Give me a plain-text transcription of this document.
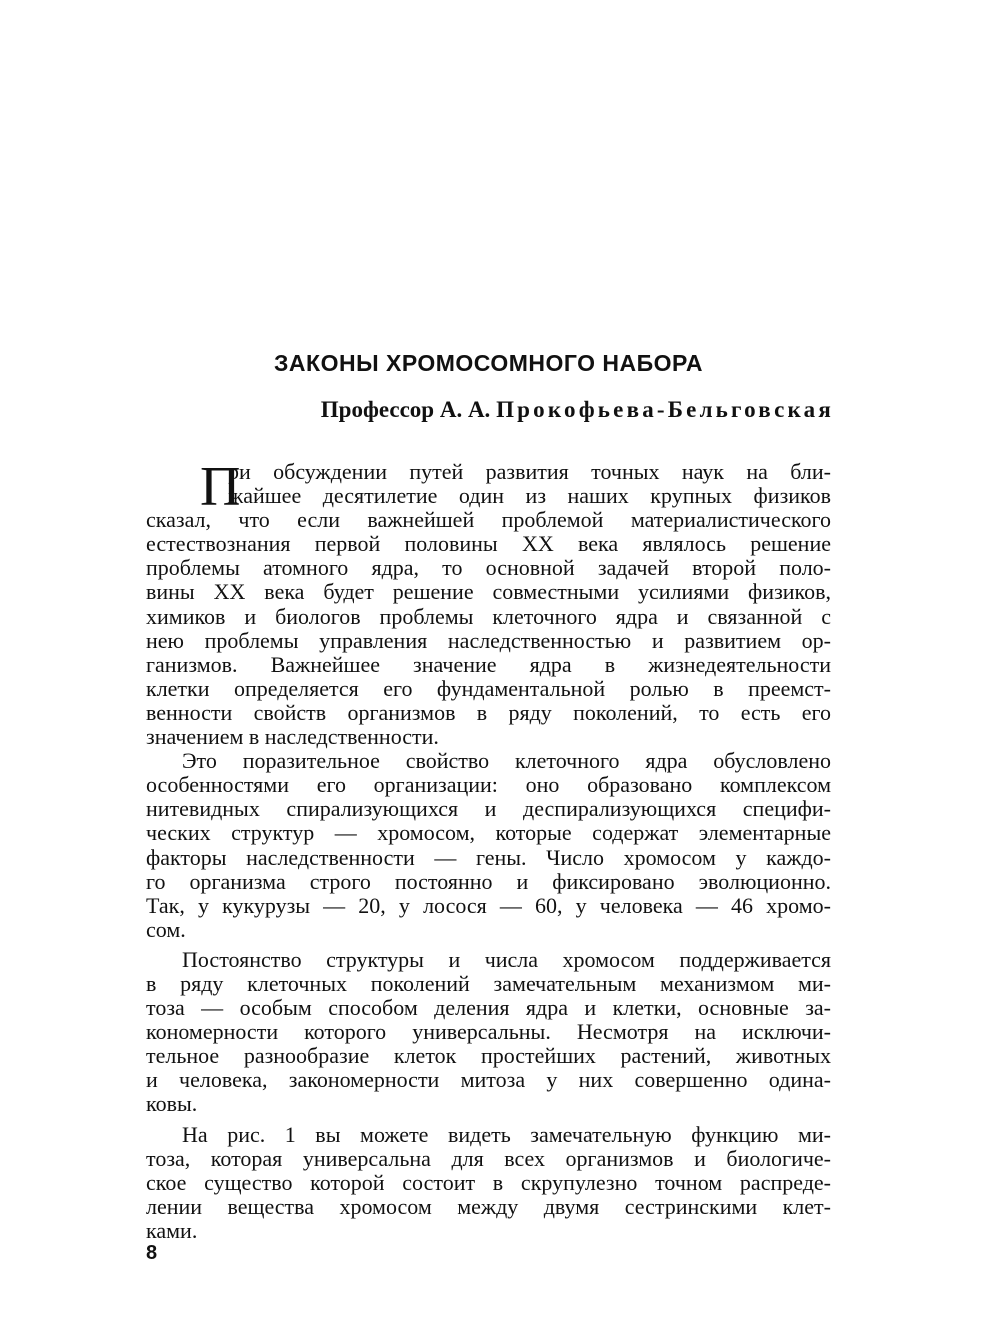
ЗАКОНЫ ХРОМОСОМНОГО НАБОРА
Профессор А. А. Прокофьева-Бельговская
П
ри обсуждении путей развития точных наук на бли-
жайшее десятилетие один из наших крупных физиков
сказал, что если важнейшей проблемой материалистического
естествознания первой половины XX века являлось решение
проблемы атомного ядра, то основной задачей второй поло-
вины XX века будет решение совместными усилиями физиков,
химиков и биологов проблемы клеточного ядра и связанной с
нею проблемы управления наследственностью и развитием ор-
ганизмов. Важнейшее значение ядра в жизнедеятельности
клетки определяется его фундаментальной ролью в преемст-
венности свойств организмов в ряду поколений, то есть его
значением в наследственности.
Это поразительное свойство клеточного ядра обусловлено
особенностями его организации: оно образовано комплексом
нитевидных спирализующихся и деспирализующихся специфи-
ческих структур — хромосом, которые содержат элементарные
факторы наследственности — гены. Число хромосом у каждо-
го организма строго постоянно и фиксировано эволюционно.
Так, у кукурузы — 20, у лосося — 60, у человека — 46 хромо-
сом.
Постоянство структуры и числа хромосом поддерживается
в ряду клеточных поколений замечательным механизмом ми-
тоза — особым способом деления ядра и клетки, основные за-
кономерности которого универсальны. Несмотря на исключи-
тельное разнообразие клеток простейших растений, животных
и человека, закономерности митоза у них совершенно одина-
ковы.
На рис. 1 вы можете видеть замечательную функцию ми-
тоза, которая универсальна для всех организмов и биологиче-
ское существо которой состоит в скрупулезно точном распреде-
лении вещества хромосом между двумя сестринскими клет-
ками.
8
